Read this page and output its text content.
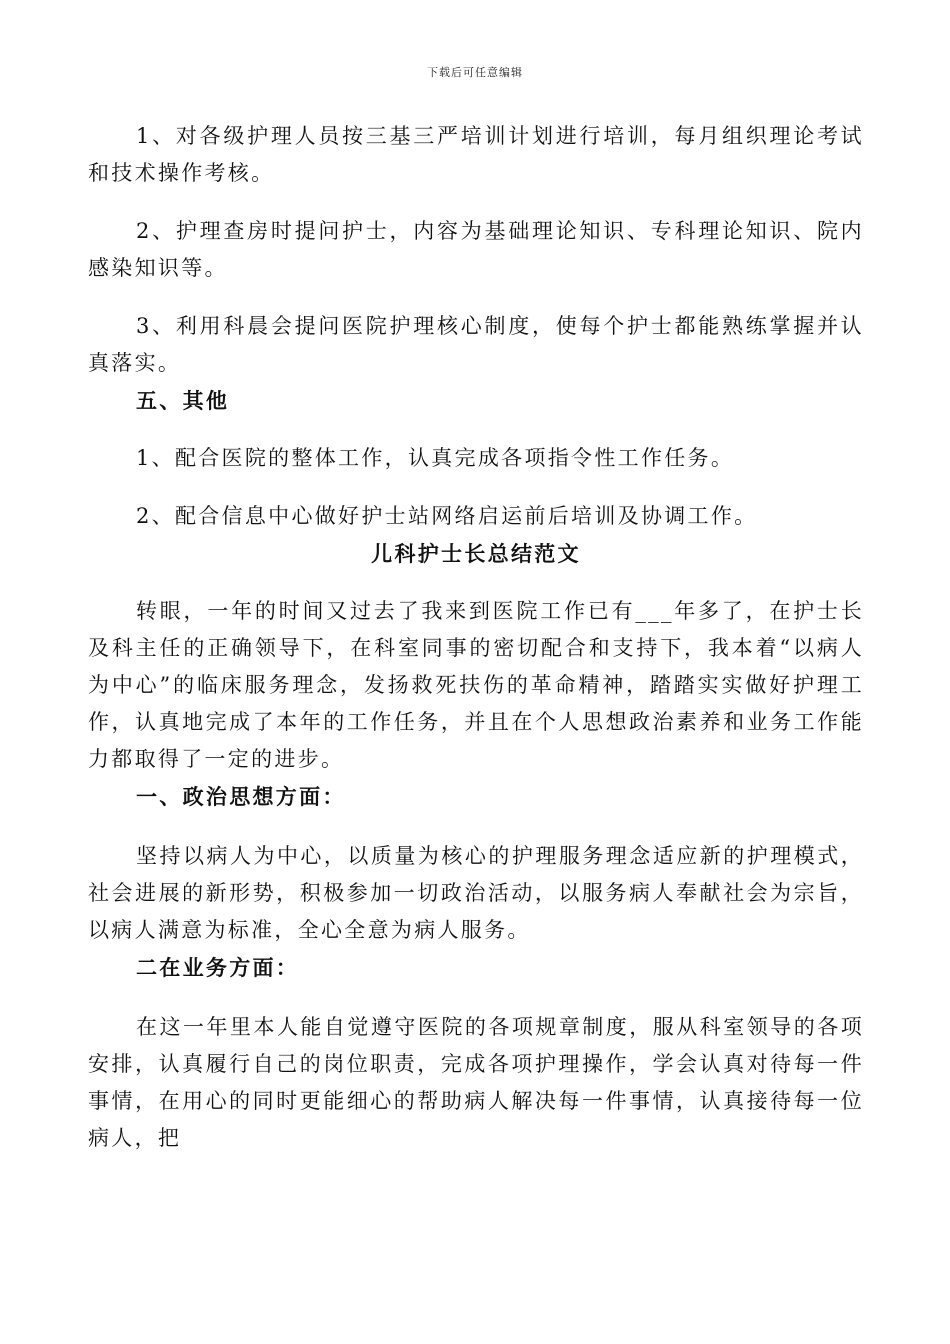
下载后可任意编辑

1、对各级护理人员按三基三严培训计划进行培训，每月组织理论考试和技术操作考核。

2、护理查房时提问护士，内容为基础理论知识、专科理论知识、院内感染知识等。

3、利用科晨会提问医院护理核心制度，使每个护士都能熟练掌握并认真落实。

五、其他

1、配合医院的整体工作，认真完成各项指令性工作任务。

2、配合信息中心做好护士站网络启运前后培训及协调工作。

儿科护士长总结范文

转眼，一年的时间又过去了我来到医院工作已有___年多了，在护士长及科主任的正确领导下，在科室同事的密切配合和支持下，我本着“以病人为中心”的临床服务理念，发扬救死扶伤的革命精神，踏踏实实做好护理工作，认真地完成了本年的工作任务，并且在个人思想政治素养和业务工作能力都取得了一定的进步。

一、政治思想方面：

坚持以病人为中心，以质量为核心的护理服务理念适应新的护理模式，社会进展的新形势，积极参加一切政治活动，以服务病人奉献社会为宗旨，以病人满意为标准，全心全意为病人服务。

二在业务方面：

在这一年里本人能自觉遵守医院的各项规章制度，服从科室领导的各项安排，认真履行自己的岗位职责，完成各项护理操作，学会认真对待每一件事情，在用心的同时更能细心的帮助病人解决每一件事情，认真接待每一位病人，把
